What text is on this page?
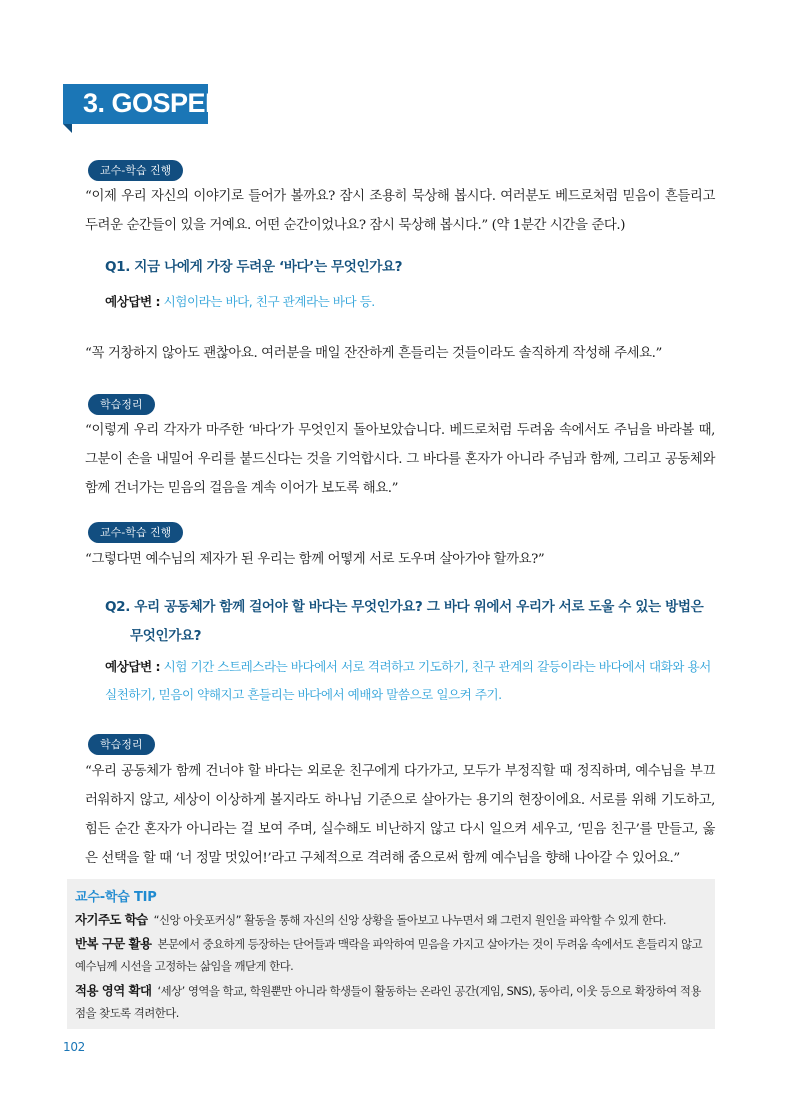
3. GOSPEL
교수-학습 진행
“이제 우리 자신의 이야기로 들어가 볼까요? 잠시 조용히 묵상해 봅시다. 여러분도 베드로처럼 믿음이 흔들리고 두려운 순간들이 있을 거예요. 어떤 순간이었나요? 잠시 묵상해 봅시다.” (약 1분간 시간을 준다.)
Q1. 지금 나에게 가장 두려운 ‘바다’는 무엇인가요?
예상답변 : 시험이라는 바다, 친구 관계라는 바다 등.
“꼭 거창하지 않아도 괜찮아요. 여러분을 매일 잔잔하게 흔들리는 것들이라도 솔직하게 작성해 주세요.”
학습정리
“이렇게 우리 각자가 마주한 ‘바다’가 무엇인지 돌아보았습니다. 베드로처럼 두려움 속에서도 주님을 바라볼 때, 그분이 손을 내밀어 우리를 붙드신다는 것을 기억합시다. 그 바다를 혼자가 아니라 주님과 함께, 그리고 공동체와 함께 건너가는 믿음의 걸음을 계속 이어가 보도록 해요.”
교수-학습 진행
“그렇다면 예수님의 제자가 된 우리는 함께 어떻게 서로 도우며 살아가야 할까요?”
Q2. 우리 공동체가 함께 걸어야 할 바다는 무엇인가요? 그 바다 위에서 우리가 서로 도울 수 있는 방법은 무엇인가요?
예상답변 : 시험 기간 스트레스라는 바다에서 서로 격려하고 기도하기, 친구 관계의 갈등이라는 바다에서 대화와 용서 실천하기, 믿음이 약해지고 흔들리는 바다에서 예배와 말씀으로 일으켜 주기.
학습정리
“우리 공동체가 함께 건너야 할 바다는 외로운 친구에게 다가가고, 모두가 부정직할 때 정직하며, 예수님을 부끄러워하지 않고, 세상이 이상하게 볼지라도 하나님 기준으로 살아가는 용기의 현장이에요. 서로를 위해 기도하고, 힘든 순간 혼자가 아니라는 걸 보여 주며, 실수해도 비난하지 않고 다시 일으켜 세우고, ‘믿음 친구’를 만들고, 옳은 선택을 할 때 ‘너 정말 멋있어!’라고 구체적으로 격려해 줌으로써 함께 예수님을 향해 나아갈 수 있어요.”
교수-학습 TIP
자기주도 학습 “신앙 아웃포커싱” 활동을 통해 자신의 신앙 상황을 돌아보고 나누면서 왜 그런지 원인을 파악할 수 있게 한다.
반복 구문 활용 본문에서 중요하게 등장하는 단어들과 맥락을 파악하여 믿음을 가지고 살아가는 것이 두려움 속에서도 흔들리지 않고 예수님께 시선을 고정하는 삶임을 깨닫게 한다.
적용 영역 확대 ‘세상’ 영역을 학교, 학원뿐만 아니라 학생들이 활동하는 온라인 공간(게임, SNS), 동아리, 이웃 등으로 확장하여 적용점을 찾도록 격려한다.
102
